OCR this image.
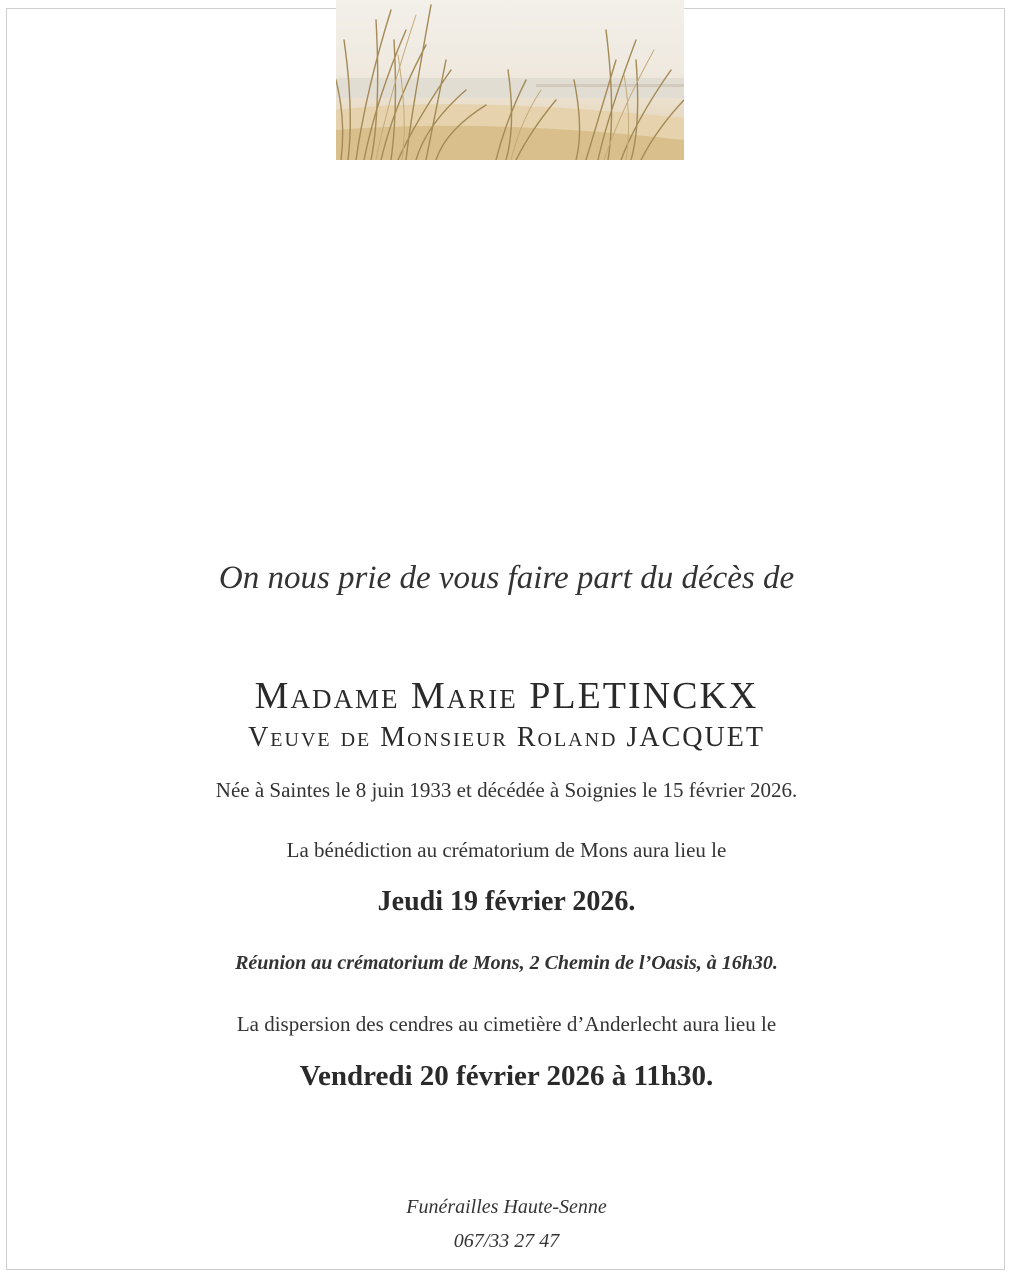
On nous prie de vous faire part du décès de
Madame Marie PLETINCKX
Veuve de Monsieur Roland JACQUET
Née à Saintes le 8 juin 1933 et décédée à Soignies le 15 février 2026.
La bénédiction au crématorium de Mons aura lieu le
Jeudi 19 février 2026.
Réunion au crématorium de Mons, 2 Chemin de l’Oasis, à 16h30.
La dispersion des cendres au cimetière d’Anderlecht aura lieu le
Vendredi 20 février 2026 à 11h30.
Funérailles Haute-Senne
067/33 27 47
